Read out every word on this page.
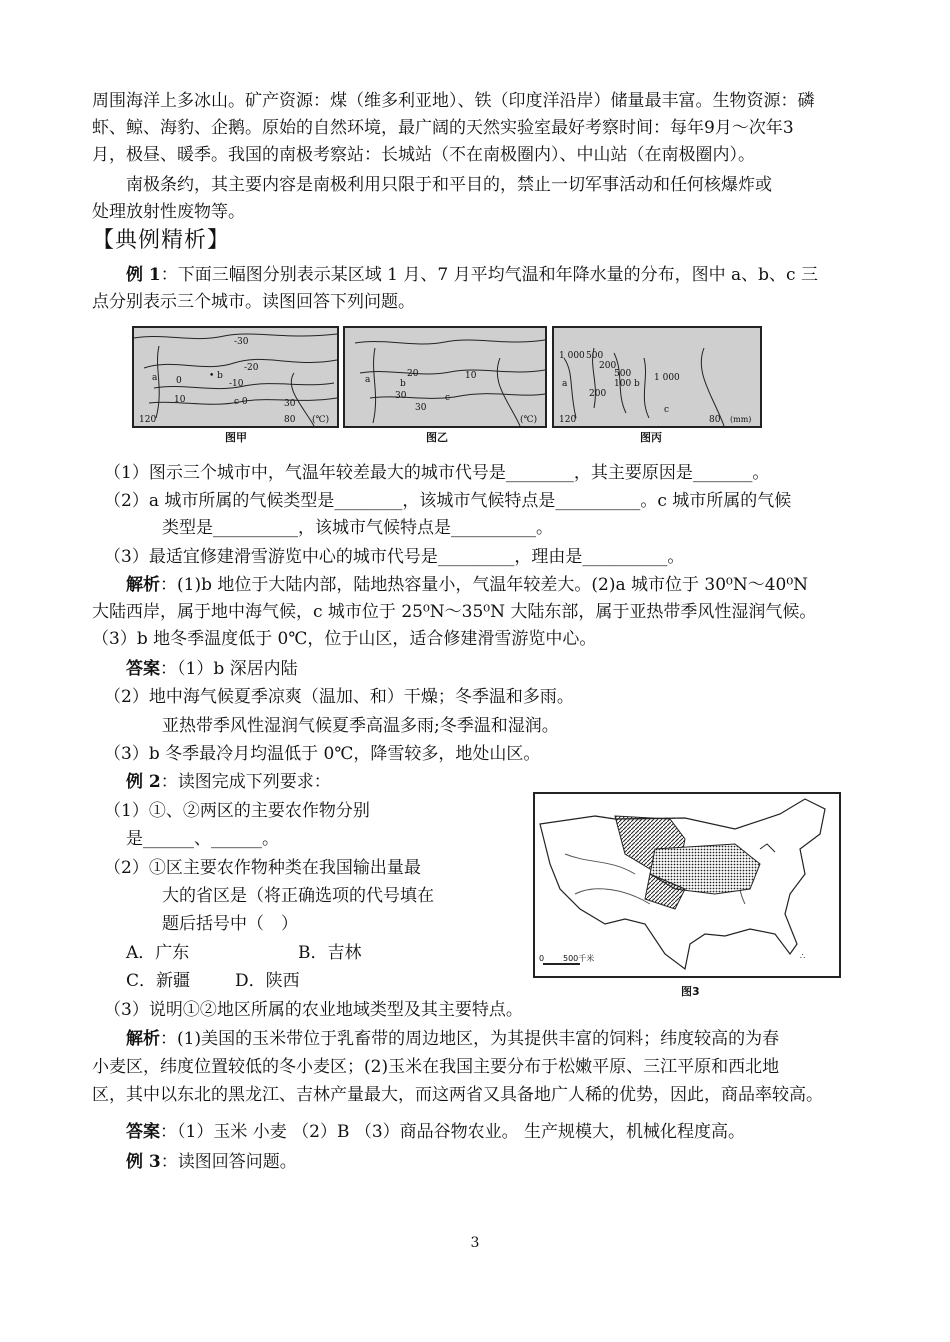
周围海洋上多冰山。矿产资源：煤（维多利亚地）、铁（印度洋沿岸）储量最丰富。生物资源：磷
虾、鲸、海豹、企鹅。原始的自然环境，最广阔的天然实验室最好考察时间：每年9月～次年3
月，极昼、暖季。我国的南极考察站：长城站（不在南极圈内）、中山站（在南极圈内）。
南极条约，其主要内容是南极利用只限于和平目的，禁止一切军事活动和任何核爆炸或
处理放射性废物等。
【典例精析】
例 1：下面三幅图分别表示某区域 1 月、7 月平均气温和年降水量的分布，图中 a、b、c 三
点分别表示三个城市。读图回答下列问题。
-30
-20
-10
0
10
• b
a
c 0	30
120	80 (℃)
图甲
a	b
20
30	c
10
30
(℃)
图乙
1 000 500
200
1 000
500
100 b
200
a
c
120	80 (mm)
图丙
（1）图示三个城市中，气温年较差最大的城市代号是________，其主要原因是_______。
（2）a 城市所属的气候类型是________，该城市气候特点是__________。c 城市所属的气候
类型是__________，该城市气候特点是__________。
（3）最适宜修建滑雪游览中心的城市代号是_________，理由是__________。
解析：(1)b 地位于大陆内部，陆地热容量小，气温年较差大。(2)a 城市位于 30⁰N～40⁰N
大陆西岸，属于地中海气候，c 城市位于 25⁰N～35⁰N 大陆东部，属于亚热带季风性湿润气候。
（3）b 地冬季温度低于 0℃，位于山区，适合修建滑雪游览中心。
答案：（1）b 深居内陆
（2）地中海气候夏季凉爽（温加、和）干燥；冬季温和多雨。
亚热带季风性湿润气候夏季高温多雨;冬季温和湿润。
（3）b 冬季最冷月均温低于 0℃，降雪较多，地处山区。
例 2：读图完成下列要求：
（1）①、②两区的主要农作物分别
是______、______。
（2）①区主要农作物种类在我国输出量最
大的省区是（将正确选项的代号填在
题后括号中（　）
A．广东	B．吉林
C．新疆	D．陕西
（3）说明①②地区所属的农业地域类型及其主要特点。
0 500千米	∴
图3
解析：(1)美国的玉米带位于乳畜带的周边地区，为其提供丰富的饲料；纬度较高的为春
小麦区，纬度位置较低的冬小麦区；(2)玉米在我国主要分布于松嫩平原、三江平原和西北地
区，其中以东北的黑龙江、吉林产量最大，而这两省又具备地广人稀的优势，因此，商品率较高。
答案：（1）玉米 小麦 （2）B （3）商品谷物农业。 生产规模大，机械化程度高。
例 3：读图回答问题。
3
